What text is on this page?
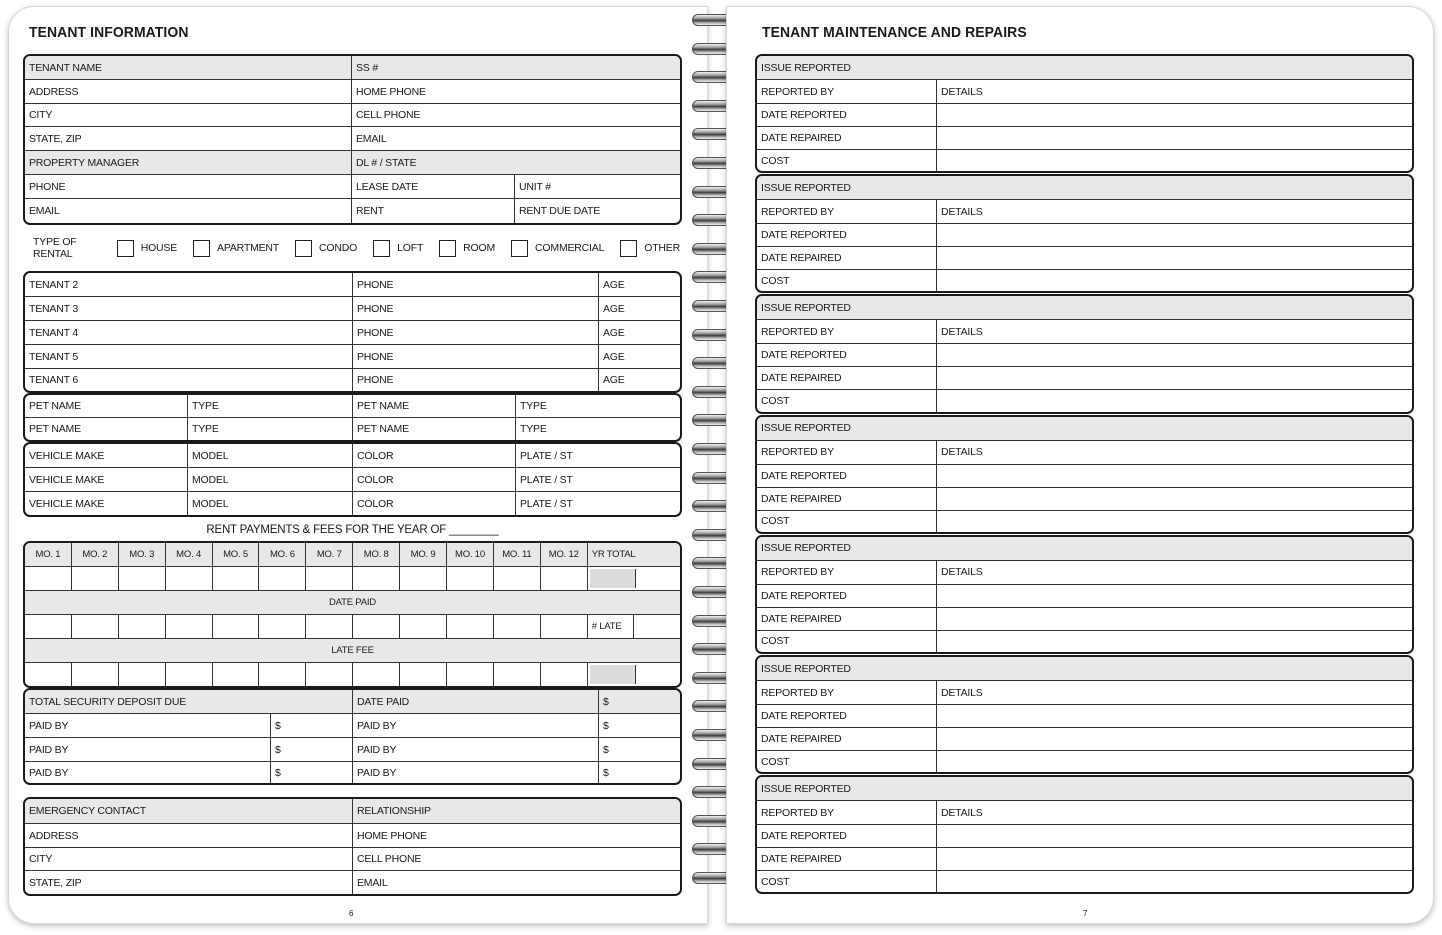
TENANT INFORMATION
6
TENANT NAME	SS #
ADDRESS	HOME PHONE
CITY	CELL PHONE
STATE, ZIP	EMAIL
PROPERTY MANAGER	DL # / STATE
PHONE	LEASE DATE	UNIT #
EMAIL	RENT	RENT DUE DATE
TYPE OF RENTAL	HOUSE	APARTMENT	CONDO	LOFT	ROOM	COMMERCIAL	OTHER
TENANT 2	PHONE	AGE
TENANT 3	PHONE	AGE
TENANT 4	PHONE	AGE
TENANT 5	PHONE	AGE
TENANT 6	PHONE	AGE
PET NAME	TYPE	PET NAME	TYPE
PET NAME	TYPE	PET NAME	TYPE
VEHICLE MAKE	MODEL	COLOR	PLATE / ST
VEHICLE MAKE	MODEL	COLOR	PLATE / ST
VEHICLE MAKE	MODEL	COLOR	PLATE / ST
RENT PAYMENTS & FEES FOR THE YEAR OF ________
MO. 1	MO. 2	MO. 3	MO. 4	MO. 5	MO. 6	MO. 7	MO. 8	MO. 9	MO. 10	MO. 11	MO. 12	YR TOTAL
DATE PAID
# LATE
LATE FEE
TOTAL SECURITY DEPOSIT DUE	DATE PAID	$
PAID BY	$	PAID BY	$
PAID BY	$	PAID BY	$
PAID BY	$	PAID BY	$
EMERGENCY CONTACT	RELATIONSHIP
ADDRESS	HOME PHONE
CITY	CELL PHONE
STATE, ZIP	EMAIL
TENANT MAINTENANCE AND REPAIRS
7
ISSUE REPORTED
REPORTED BY	DETAILS
DATE REPORTED
DATE REPAIRED
COST
ISSUE REPORTED
REPORTED BY	DETAILS
DATE REPORTED
DATE REPAIRED
COST
ISSUE REPORTED
REPORTED BY	DETAILS
DATE REPORTED
DATE REPAIRED
COST
ISSUE REPORTED
REPORTED BY	DETAILS
DATE REPORTED
DATE REPAIRED
COST
ISSUE REPORTED
REPORTED BY	DETAILS
DATE REPORTED
DATE REPAIRED
COST
ISSUE REPORTED
REPORTED BY	DETAILS
DATE REPORTED
DATE REPAIRED
COST
ISSUE REPORTED
REPORTED BY	DETAILS
DATE REPORTED
DATE REPAIRED
COST
